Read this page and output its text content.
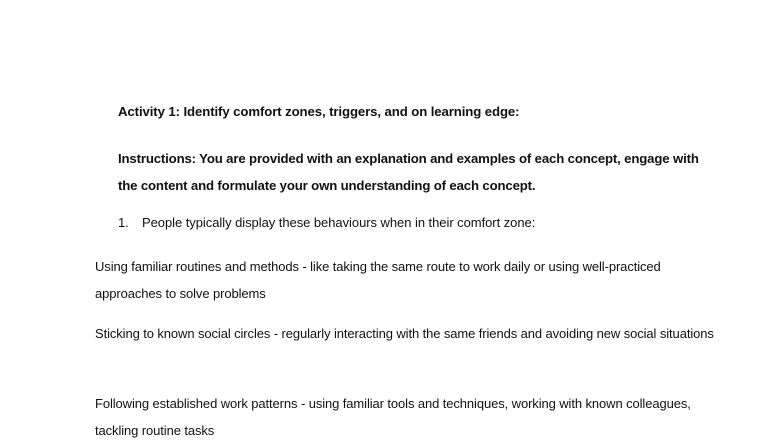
Activity 1: Identify comfort zones, triggers, and on learning edge:
Instructions: You are provided with an explanation and examples of each concept, engage with the content and formulate your own understanding of each concept.
1. People typically display these behaviours when in their comfort zone:
Using familiar routines and methods - like taking the same route to work daily or using well-practiced approaches to solve problems
Sticking to known social circles - regularly interacting with the same friends and avoiding new social situations
Following established work patterns - using familiar tools and techniques, working with known colleagues, tackling routine tasks
